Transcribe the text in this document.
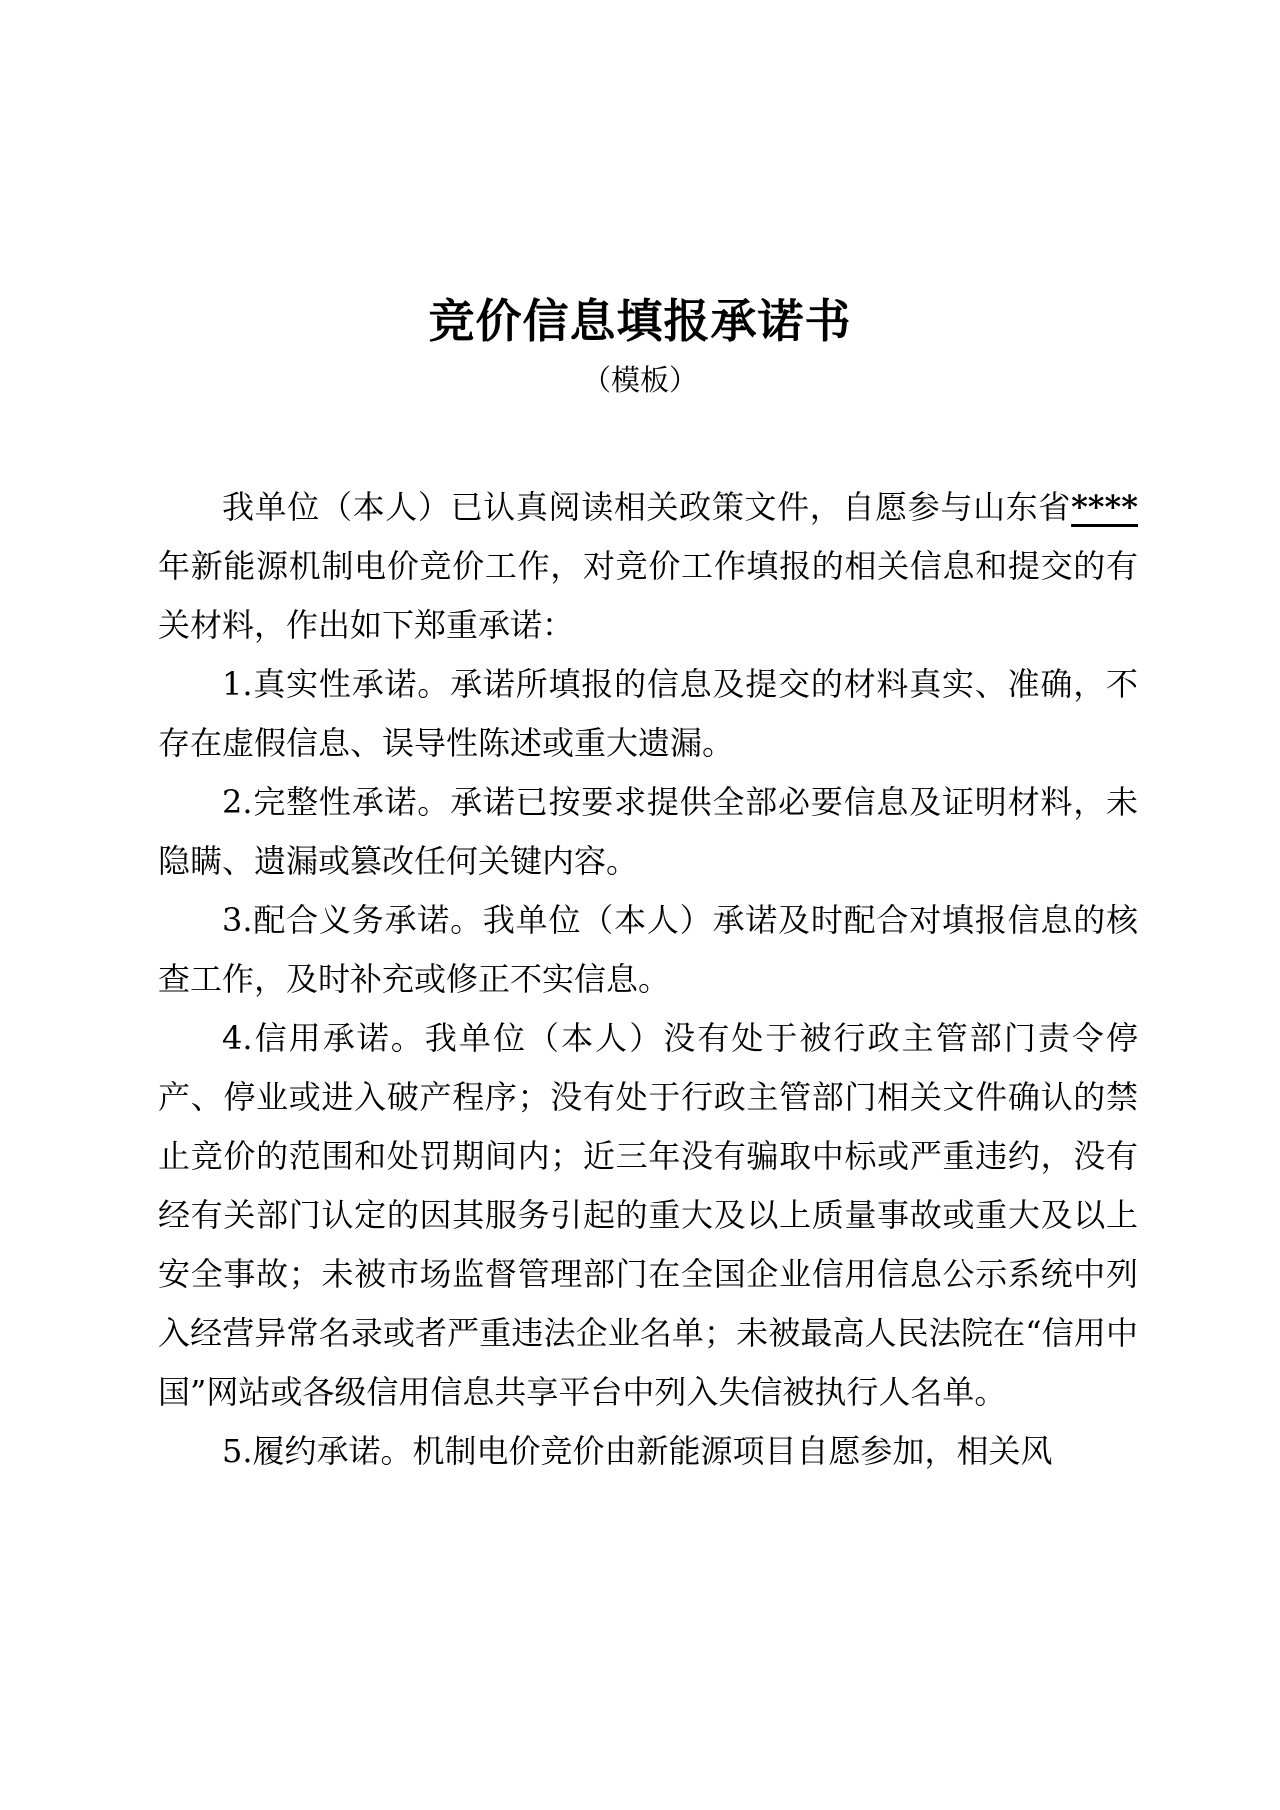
竞价信息填报承诺书
（模板）

我单位（本人）已认真阅读相关政策文件，自愿参与山东省****年新能源机制电价竞价工作，对竞价工作填报的相关信息和提交的有关材料，作出如下郑重承诺：

1.真实性承诺。承诺所填报的信息及提交的材料真实、准确，不存在虚假信息、误导性陈述或重大遗漏。

2.完整性承诺。承诺已按要求提供全部必要信息及证明材料，未隐瞒、遗漏或篡改任何关键内容。

3.配合义务承诺。我单位（本人）承诺及时配合对填报信息的核查工作，及时补充或修正不实信息。

4.信用承诺。我单位（本人）没有处于被行政主管部门责令停产、停业或进入破产程序；没有处于行政主管部门相关文件确认的禁止竞价的范围和处罚期间内；近三年没有骗取中标或严重违约，没有经有关部门认定的因其服务引起的重大及以上质量事故或重大及以上安全事故；未被市场监督管理部门在全国企业信用信息公示系统中列入经营异常名录或者严重违法企业名单；未被最高人民法院在“信用中国”网站或各级信用信息共享平台中列入失信被执行人名单。

5.履约承诺。机制电价竞价由新能源项目自愿参加，相关风
